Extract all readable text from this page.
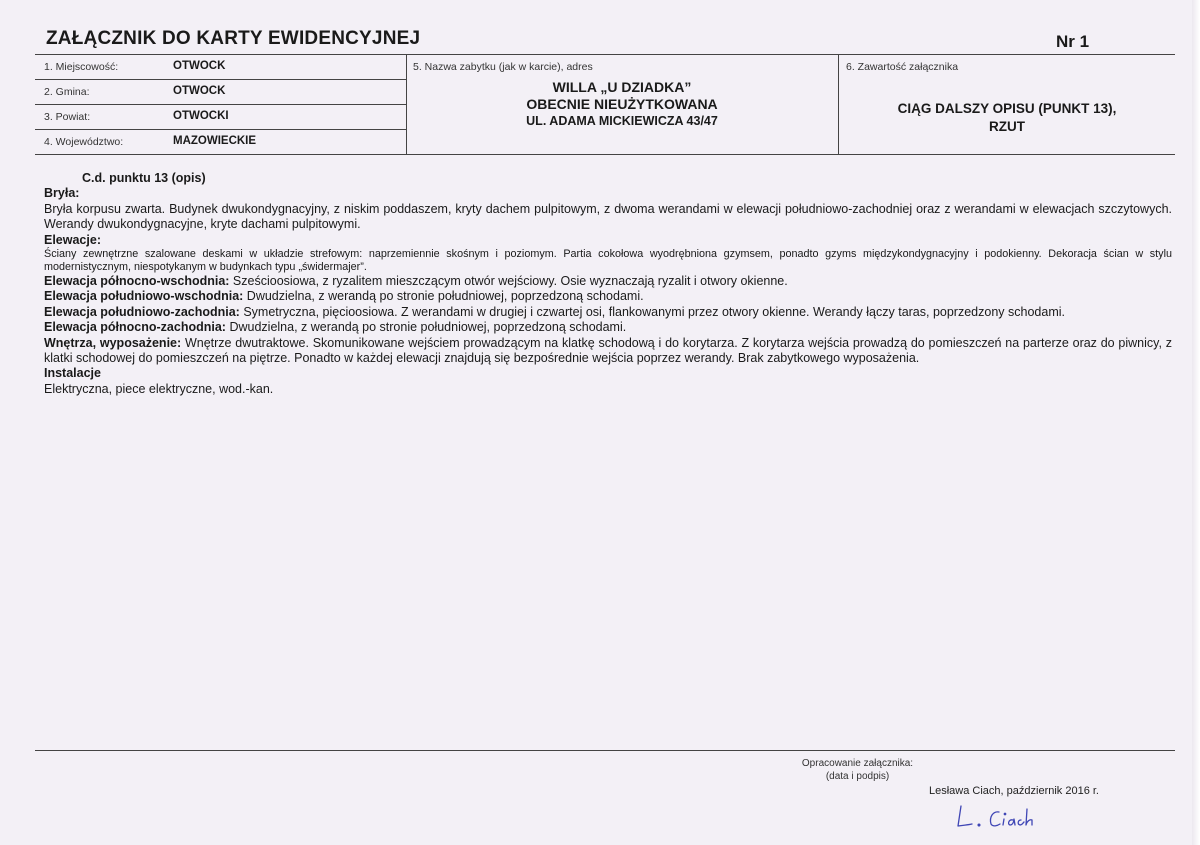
ZAŁĄCZNIK DO KARTY EWIDENCYJNEJ	Nr 1
1. Miejscowość:	OTWOCK
2. Gmina:	OTWOCK
3. Powiat:	OTWOCKI
4. Województwo:	MAZOWIECKIE
5. Nazwa zabytku (jak w karcie), adres
WILLA „U DZIADKA”
OBECNIE NIEUŻYTKOWANA
UL. ADAMA MICKIEWICZA 43/47
6. Zawartość załącznika
CIĄG DALSZY OPISU (PUNKT 13),
RZUT

C.d. punktu 13 (opis)

Bryła:

Bryła korpusu zwarta. Budynek dwukondygnacyjny, z niskim poddaszem, kryty dachem pulpitowym, z dwoma werandami w elewacji południowo-zachodniej oraz z werandami w elewacjach szczytowych. Werandy dwukondygnacyjne, kryte dachami pulpitowymi.

Elewacje:

Ściany zewnętrzne szalowane deskami w układzie strefowym: naprzemiennie skośnym i poziomym. Partia cokołowa wyodrębniona gzymsem, ponadto gzyms międzykondygnacyjny i podokienny. Dekoracja ścian w stylu modernistycznym, niespotykanym w budynkach typu „świdermajer”.

Elewacja północno-wschodnia: Sześcioosiowa, z ryzalitem mieszczącym otwór wejściowy. Osie wyznaczają ryzalit i otwory okienne.

Elewacja południowo-wschodnia: Dwudzielna, z werandą po stronie południowej, poprzedzoną schodami.

Elewacja południowo-zachodnia: Symetryczna, pięcioosiowa. Z werandami w drugiej i czwartej osi, flankowanymi przez otwory okienne. Werandy łączy taras, poprzedzony schodami.

Elewacja północno-zachodnia: Dwudzielna, z werandą po stronie południowej, poprzedzoną schodami.

Wnętrza, wyposażenie: Wnętrze dwutraktowe. Skomunikowane wejściem prowadzącym na klatkę schodową i do korytarza. Z korytarza wejścia prowadzą do pomieszczeń na parterze oraz do piwnicy, z klatki schodowej do pomieszczeń na piętrze. Ponadto w każdej elewacji znajdują się bezpośrednie wejścia poprzez werandy. Brak zabytkowego wyposażenia.

Instalacje

Elektryczna, piece elektryczne, wod.-kan.

Opracowanie załącznika:
(data i podpis)
Lesława Ciach, październik 2016 r.
